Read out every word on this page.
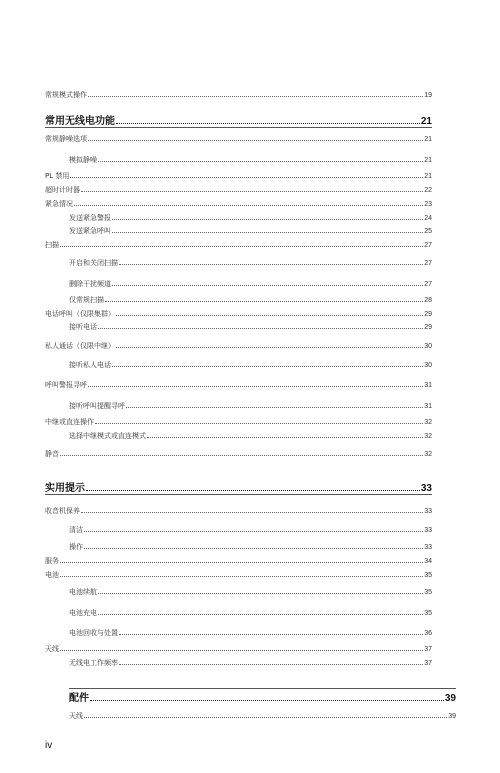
常规模式操作	19
常用无线电功能	21
常规静噪选项	21
模拟静噪	21
PL 禁用	21
超时计时器	22
紧急情况	23
发送紧急警报	24
发送紧急呼叫	25
扫描	27
开启和关闭扫描	27
删除干扰频道	27
仅常规扫描	28
电话呼叫（仅限集群）	29
接听电话	29
私人通话（仅限中继）	30
接听私人电话	30
呼叫警报寻呼	31
接听呼叫提醒寻呼	31
中继或直连操作	32
选择中继模式或直连模式	32
静音	32
实用提示	33
收音机保养	33
清洁	33
操作	33
服务	34
电池	35
电池续航	35
电池充电	35
电池回收与处置	36
天线	37
无线电工作频率	37
配件	39
天线	39
iv
